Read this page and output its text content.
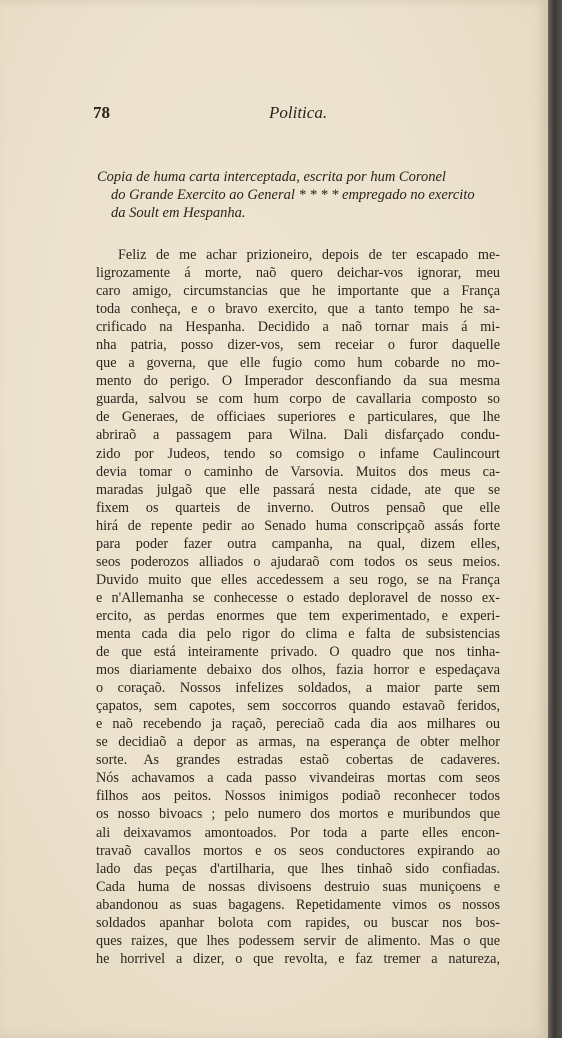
78	Politica.
Copia de huma carta interceptada, escrita por hum Coronel
do Grande Exercito ao General * * * * empregado no exercito
da Soult em Hespanha.
Feliz de me achar prizioneiro, depois de ter escapado me-
ligrozamente á morte, naõ quero deichar-vos ignorar, meu
caro amigo, circumstancias que he importante que a França
toda conheça, e o bravo exercito, que a tanto tempo he sa-
crificado na Hespanha. Decidido a naõ tornar mais á mi-
nha patria, posso dizer-vos, sem receiar o furor daquelle
que a governa, que elle fugio como hum cobarde no mo-
mento do perigo. O Imperador desconfiando da sua mesma
guarda, salvou se com hum corpo de cavallaria composto so
de Generaes, de officiaes superiores e particulares, que lhe
abriraõ a passagem para Wilna. Dali disfarçado condu-
zido por Judeos, tendo so comsigo o infame Caulincourt
devia tomar o caminho de Varsovia. Muitos dos meus ca-
maradas julgaõ que elle passará nesta cidade, ate que se
fixem os quarteis de inverno. Outros pensaõ que elle
hirá de repente pedir ao Senado huma conscripçaõ assás forte
para poder fazer outra campanha, na qual, dizem elles,
seos poderozos alliados o ajudaraõ com todos os seus meios.
Duvido muito que elles accedessem a seu rogo, se na França
e n'Allemanha se conhecesse o estado deploravel de nosso ex-
ercito, as perdas enormes que tem experimentado, e experi-
menta cada dia pelo rigor do clima e falta de subsistencias
de que está inteiramente privado. O quadro que nos tinha-
mos diariamente debaixo dos olhos, fazia horror e espedaçava
o coraçaõ. Nossos infelizes soldados, a maior parte sem
çapatos, sem capotes, sem soccorros quando estavaõ feridos,
e naõ recebendo ja raçaõ, pereciaõ cada dia aos milhares ou
se decidiaõ a depor as armas, na esperança de obter melhor
sorte. As grandes estradas estaõ cobertas de cadaveres.
Nós achavamos a cada passo vivandeiras mortas com seos
filhos aos peitos. Nossos inimigos podiaõ reconhecer todos
os nosso bivoacs ; pelo numero dos mortos e muribundos que
ali deixavamos amontoados. Por toda a parte elles encon-
travaõ cavallos mortos e os seos conductores expirando ao
lado das peças d'artilharia, que lhes tinhaõ sido confiadas.
Cada huma de nossas divisoens destruio suas muniçoens e
abandonou as suas bagagens. Repetidamente vimos os nossos
soldados apanhar bolota com rapides, ou buscar nos bos-
ques raizes, que lhes podessem servir de alimento. Mas o que
he horrivel a dizer, o que revolta, e faz tremer a natureza,
